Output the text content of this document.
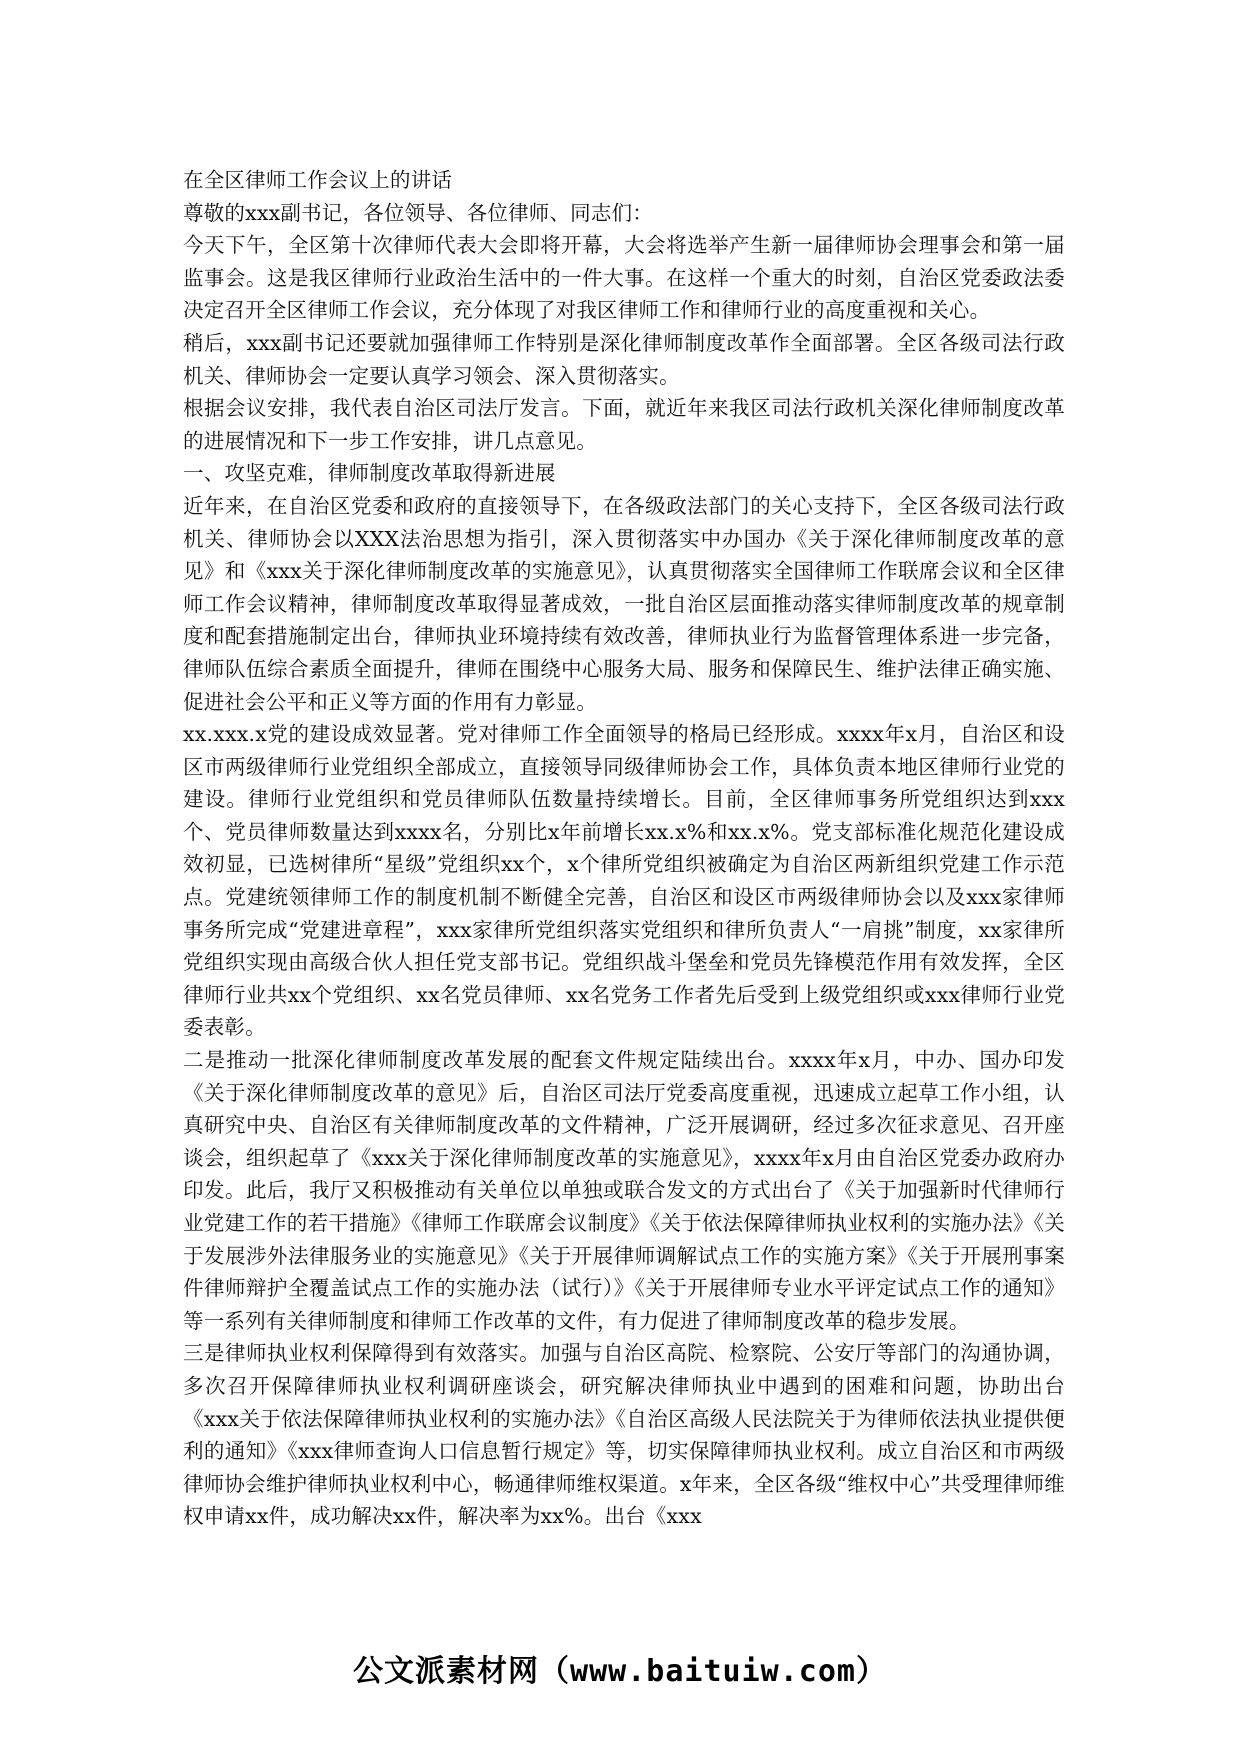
在全区律师工作会议上的讲话

尊敬的xxx副书记，各位领导、各位律师、同志们：

今天下午，全区第十次律师代表大会即将开幕，大会将选举产生新一届律师协会理事会和第一届监事会。这是我区律师行业政治生活中的一件大事。在这样一个重大的时刻，自治区党委政法委决定召开全区律师工作会议，充分体现了对我区律师工作和律师行业的高度重视和关心。

稍后，xxx副书记还要就加强律师工作特别是深化律师制度改革作全面部署。全区各级司法行政机关、律师协会一定要认真学习领会、深入贯彻落实。

根据会议安排，我代表自治区司法厅发言。下面，就近年来我区司法行政机关深化律师制度改革的进展情况和下一步工作安排，讲几点意见。

一、攻坚克难，律师制度改革取得新进展

近年来，在自治区党委和政府的直接领导下，在各级政法部门的关心支持下，全区各级司法行政机关、律师协会以XXX法治思想为指引，深入贯彻落实中办国办《关于深化律师制度改革的意见》和《xxx关于深化律师制度改革的实施意见》，认真贯彻落实全国律师工作联席会议和全区律师工作会议精神，律师制度改革取得显著成效，一批自治区层面推动落实律师制度改革的规章制度和配套措施制定出台，律师执业环境持续有效改善，律师执业行为监督管理体系进一步完备，律师队伍综合素质全面提升，律师在围绕中心服务大局、服务和保障民生、维护法律正确实施、促进社会公平和正义等方面的作用有力彰显。

xx.xxx.x党的建设成效显著。党对律师工作全面领导的格局已经形成。xxxx年x月，自治区和设区市两级律师行业党组织全部成立，直接领导同级律师协会工作，具体负责本地区律师行业党的建设。律师行业党组织和党员律师队伍数量持续增长。目前，全区律师事务所党组织达到xxx个、党员律师数量达到xxxx名，分别比x年前增长xx.x%和xx.x%。党支部标准化规范化建设成效初显，已选树律所“星级”党组织xx个，x个律所党组织被确定为自治区两新组织党建工作示范点。党建统领律师工作的制度机制不断健全完善，自治区和设区市两级律师协会以及xxx家律师事务所完成“党建进章程”，xxx家律所党组织落实党组织和律所负责人“一肩挑”制度，xx家律所党组织实现由高级合伙人担任党支部书记。党组织战斗堡垒和党员先锋模范作用有效发挥，全区律师行业共xx个党组织、xx名党员律师、xx名党务工作者先后受到上级党组织或xxx律师行业党委表彰。

二是推动一批深化律师制度改革发展的配套文件规定陆续出台。xxxx年x月，中办、国办印发《关于深化律师制度改革的意见》后，自治区司法厅党委高度重视，迅速成立起草工作小组，认真研究中央、自治区有关律师制度改革的文件精神，广泛开展调研，经过多次征求意见、召开座谈会，组织起草了《xxx关于深化律师制度改革的实施意见》，xxxx年x月由自治区党委办政府办印发。此后，我厅又积极推动有关单位以单独或联合发文的方式出台了《关于加强新时代律师行业党建工作的若干措施》《律师工作联席会议制度》《关于依法保障律师执业权利的实施办法》《关于发展涉外法律服务业的实施意见》《关于开展律师调解试点工作的实施方案》《关于开展刑事案件律师辩护全覆盖试点工作的实施办法（试行）》《关于开展律师专业水平评定试点工作的通知》等一系列有关律师制度和律师工作改革的文件，有力促进了律师制度改革的稳步发展。

三是律师执业权利保障得到有效落实。加强与自治区高院、检察院、公安厅等部门的沟通协调，多次召开保障律师执业权利调研座谈会，研究解决律师执业中遇到的困难和问题，协助出台《xxx关于依法保障律师执业权利的实施办法》《自治区高级人民法院关于为律师依法执业提供便利的通知》《xxx律师查询人口信息暂行规定》等，切实保障律师执业权利。成立自治区和市两级律师协会维护律师执业权利中心，畅通律师维权渠道。x年来，全区各级“维权中心”共受理律师维权申请xx件，成功解决xx件，解决率为xx%。出台《xxx

公文派素材网（www.baituiw.com）
